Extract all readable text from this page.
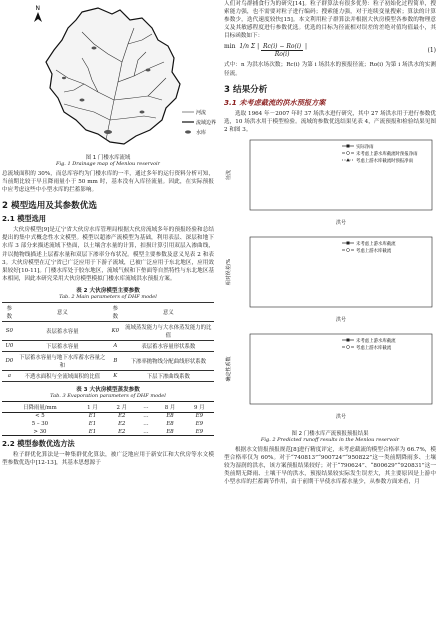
N
河流
流域边界
水库
图 1 门楼水库流域
Fig. 1 Drainage map of Menlou reservoir

总流域面积的 30%，而总库容约为门楼水库的一半，通过多年的运行资料分析可知，当前期比较于早且降雨量小于 50 mm 时，基本没有入库径流量。因此，在实际预报中应考虑这些中小型水库的拦蓄影响。

2 模型选用及其参数优选
2.1 模型选用

大伙房模型[9]是辽宁省大伙房水库管理局根据大伙房流域多年的预报经验和总结提出的集中式概念性水文模型。模型以超渗产流模型为基础，利用表层、深层和地下水库 3 部分来描述流域下垫面，以土壤含水量的计算，扣损计算引用双层入渗曲线，并以抛物线描述上层蓄水量和双层下渗率分布状况。模型主要参数及意义见表 2 和表 3。大伙房模型在辽宁省已广泛应用于下游子流域，已被广泛应用于东北地区，应用效果较好[10-11]。门楼水库处于胶东地区，流域气候和下垫面等自然特性与东北地区基本相同，因此本研究采用大伙房模型模拟门楼水库流域洪水预报方案。

表 2 大伙房模型主要参数
Tab. 2 Main parameters of DHF model
参数	意义	参数	意义
S0	表层蓄水容量	K0	流域蒸发能力与大水体蒸发能力的比值
U0	下层蓄水容量	A	表层蓄水容量形状系数
D0	下层蓄水容量与地下水库蓄水容量之和	B	下渗率抛物线分配曲线形状系数
a	不透水面积与全流域面积的比值	K	下层下渗曲线系数
表 3 大伙房模型蒸发参数
Tab. 3 Evaporation parameters of DHF model
日降雨量/mm	1 月	2 月	…	8 月	9 月
< 5	E1	E2	…	E8	E9
5 – 30	E1	E2	…	E8	E9
> 30	E1	E2	…	E8	E9
2.2 模型参数优选方法

粒子群优化算法是一种集群优化算法，被广泛地应用于新安江和大伙房等水文模型参数优选中[12-13]，其基本思想源于

人们对鸟群捕食行为的研究[14]。粒子群算法有很多优势：粒子初始化过程简单，搜索能力强，也不需要对粒子进行编码；搜索能力强，对于连续变量搜索；算法的计算参数少，迭代速度较快[15]。本文利用粒子群算法并根据大伙房模型各参数的物理意义及其敏感程度进行参数优选。优选的目标为径流相对误差的差绝对值均值最小，其目标函数如下：

min  1/n Σ | $\frac{Rc(i) - Ro(i)}{Ro(i)}$ |
(1)

式中：n 为洪水场次数；Rc(i) 为第 i 场洪水的预报径流；Ro(i) 为第 i 场洪水的实测径流。

3 结果分析
3.1 未考虑截流的洪水预报方案

选取 1964 年－2007 年时 37 场洪水进行研究，其中 27 场洪水用于进行参数优选，10 场洪水用于模型检验。流域的参数优选结果见表 4，产流预报和检验结果见图 2 和图 3。

径流
洪号
实际净雨
未考虑上游水库截流时预报净雨
考虑上游水库截流时预报净雨
相对误差/%
洪号
未考虑上游水库截流
考虑上游水库截流
确定性系数
洪号
未考虑上游水库截流
考虑上游水库截流
图 2 门楼水库产流预报预报结果
Fig. 2 Predicted runoff results in the Menlou reservoir

根据水文情报预报规范[8]进行精度评定，未考虑截流的模型合格率为 66.7%，模型合格率仅为 60%。对于“740813”“900724”“950822”这一类前期降雨多、土壤较为湿润的洪水，该方案预报结果较好；对于“790624”、“800629”“920831”这一类前期无降雨、土壤干旱的洪水，预报结果较实际发生误差大，其主要原因是上游中小型水库的拦蓄调节作用，由于前期干旱使水库蓄水量少，从参数方面来看，月
